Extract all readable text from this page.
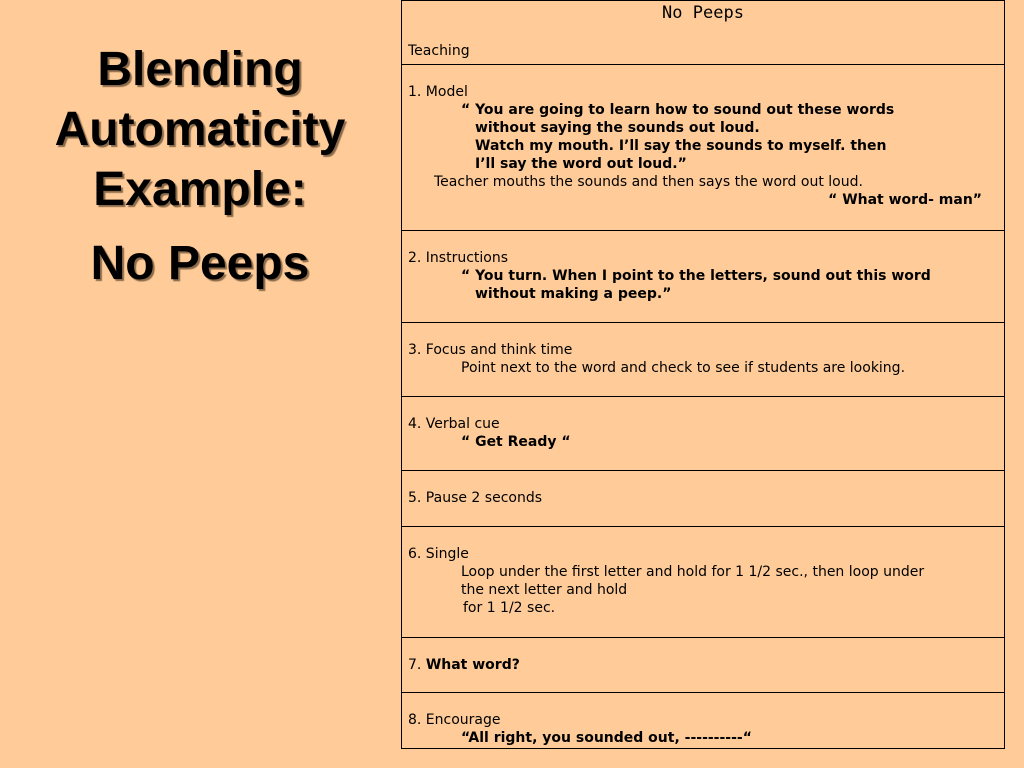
Blending
Automaticity
Example:
No Peeps
No Peeps
Teaching

1. Model
“ You are going to learn how to sound out these words
without saying the sounds out loud.
Watch my mouth. I’ll say the sounds to myself. then
I’ll say the word out loud.”
Teacher mouths the sounds and then says the word out loud.
“ What word- man”

2. Instructions
“ You turn. When I point to the letters, sound out this word
without making a peep.”

3. Focus and think time
Point next to the word and check to see if students are looking.

4. Verbal cue
“ Get Ready “

5. Pause 2 seconds

6. Single
Loop under the first letter and hold for 1 1/2 sec., then loop under
the next letter and hold
for 1 1/2 sec.

7. What word?

8. Encourage
“All right, you sounded out, ----------“
